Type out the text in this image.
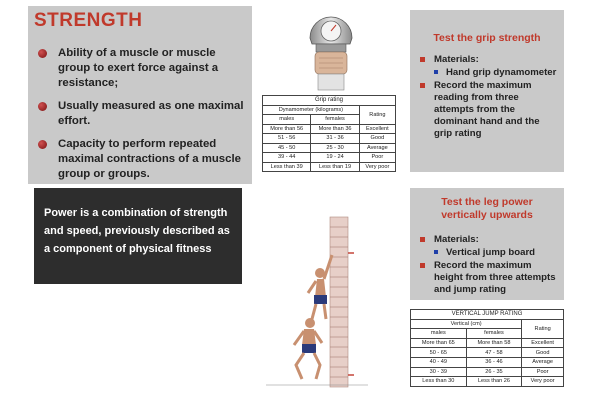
STRENGTH
Ability of a muscle or muscle group to exert force against a resistance;
Usually measured as one maximal effort.
Capacity to perform repeated maximal contractions of a muscle group or groups.

Power is a combination of strength and speed, previously described as a component of physical fitness

Grip rating		
Dynamometer (kilograms)		Rating
males	females	
More than 56	More than 36	Excellent
51 - 56	31 - 36	Good
45 - 50	25 - 30	Average
39 - 44	19 - 24	Poor
Less than 39	Less than 19	Very poor
Test the grip strength
Materials:
Hand grip dynamometer
Record the maximum reading from three attempts from the dominant hand and the grip rating
Test the leg power vertically upwards
Materials:
Vertical jump board
Record the maximum height from three attempts and jump rating
VERTICAL JUMP RATING		
Vertical (cm)		Rating
males	females	
More than 65	More than 58	Excellent
50 - 65	47 - 58	Good
40 - 49	36 - 46	Average
30 - 39	26 - 35	Poor
Less than 30	Less than 26	Very poor
